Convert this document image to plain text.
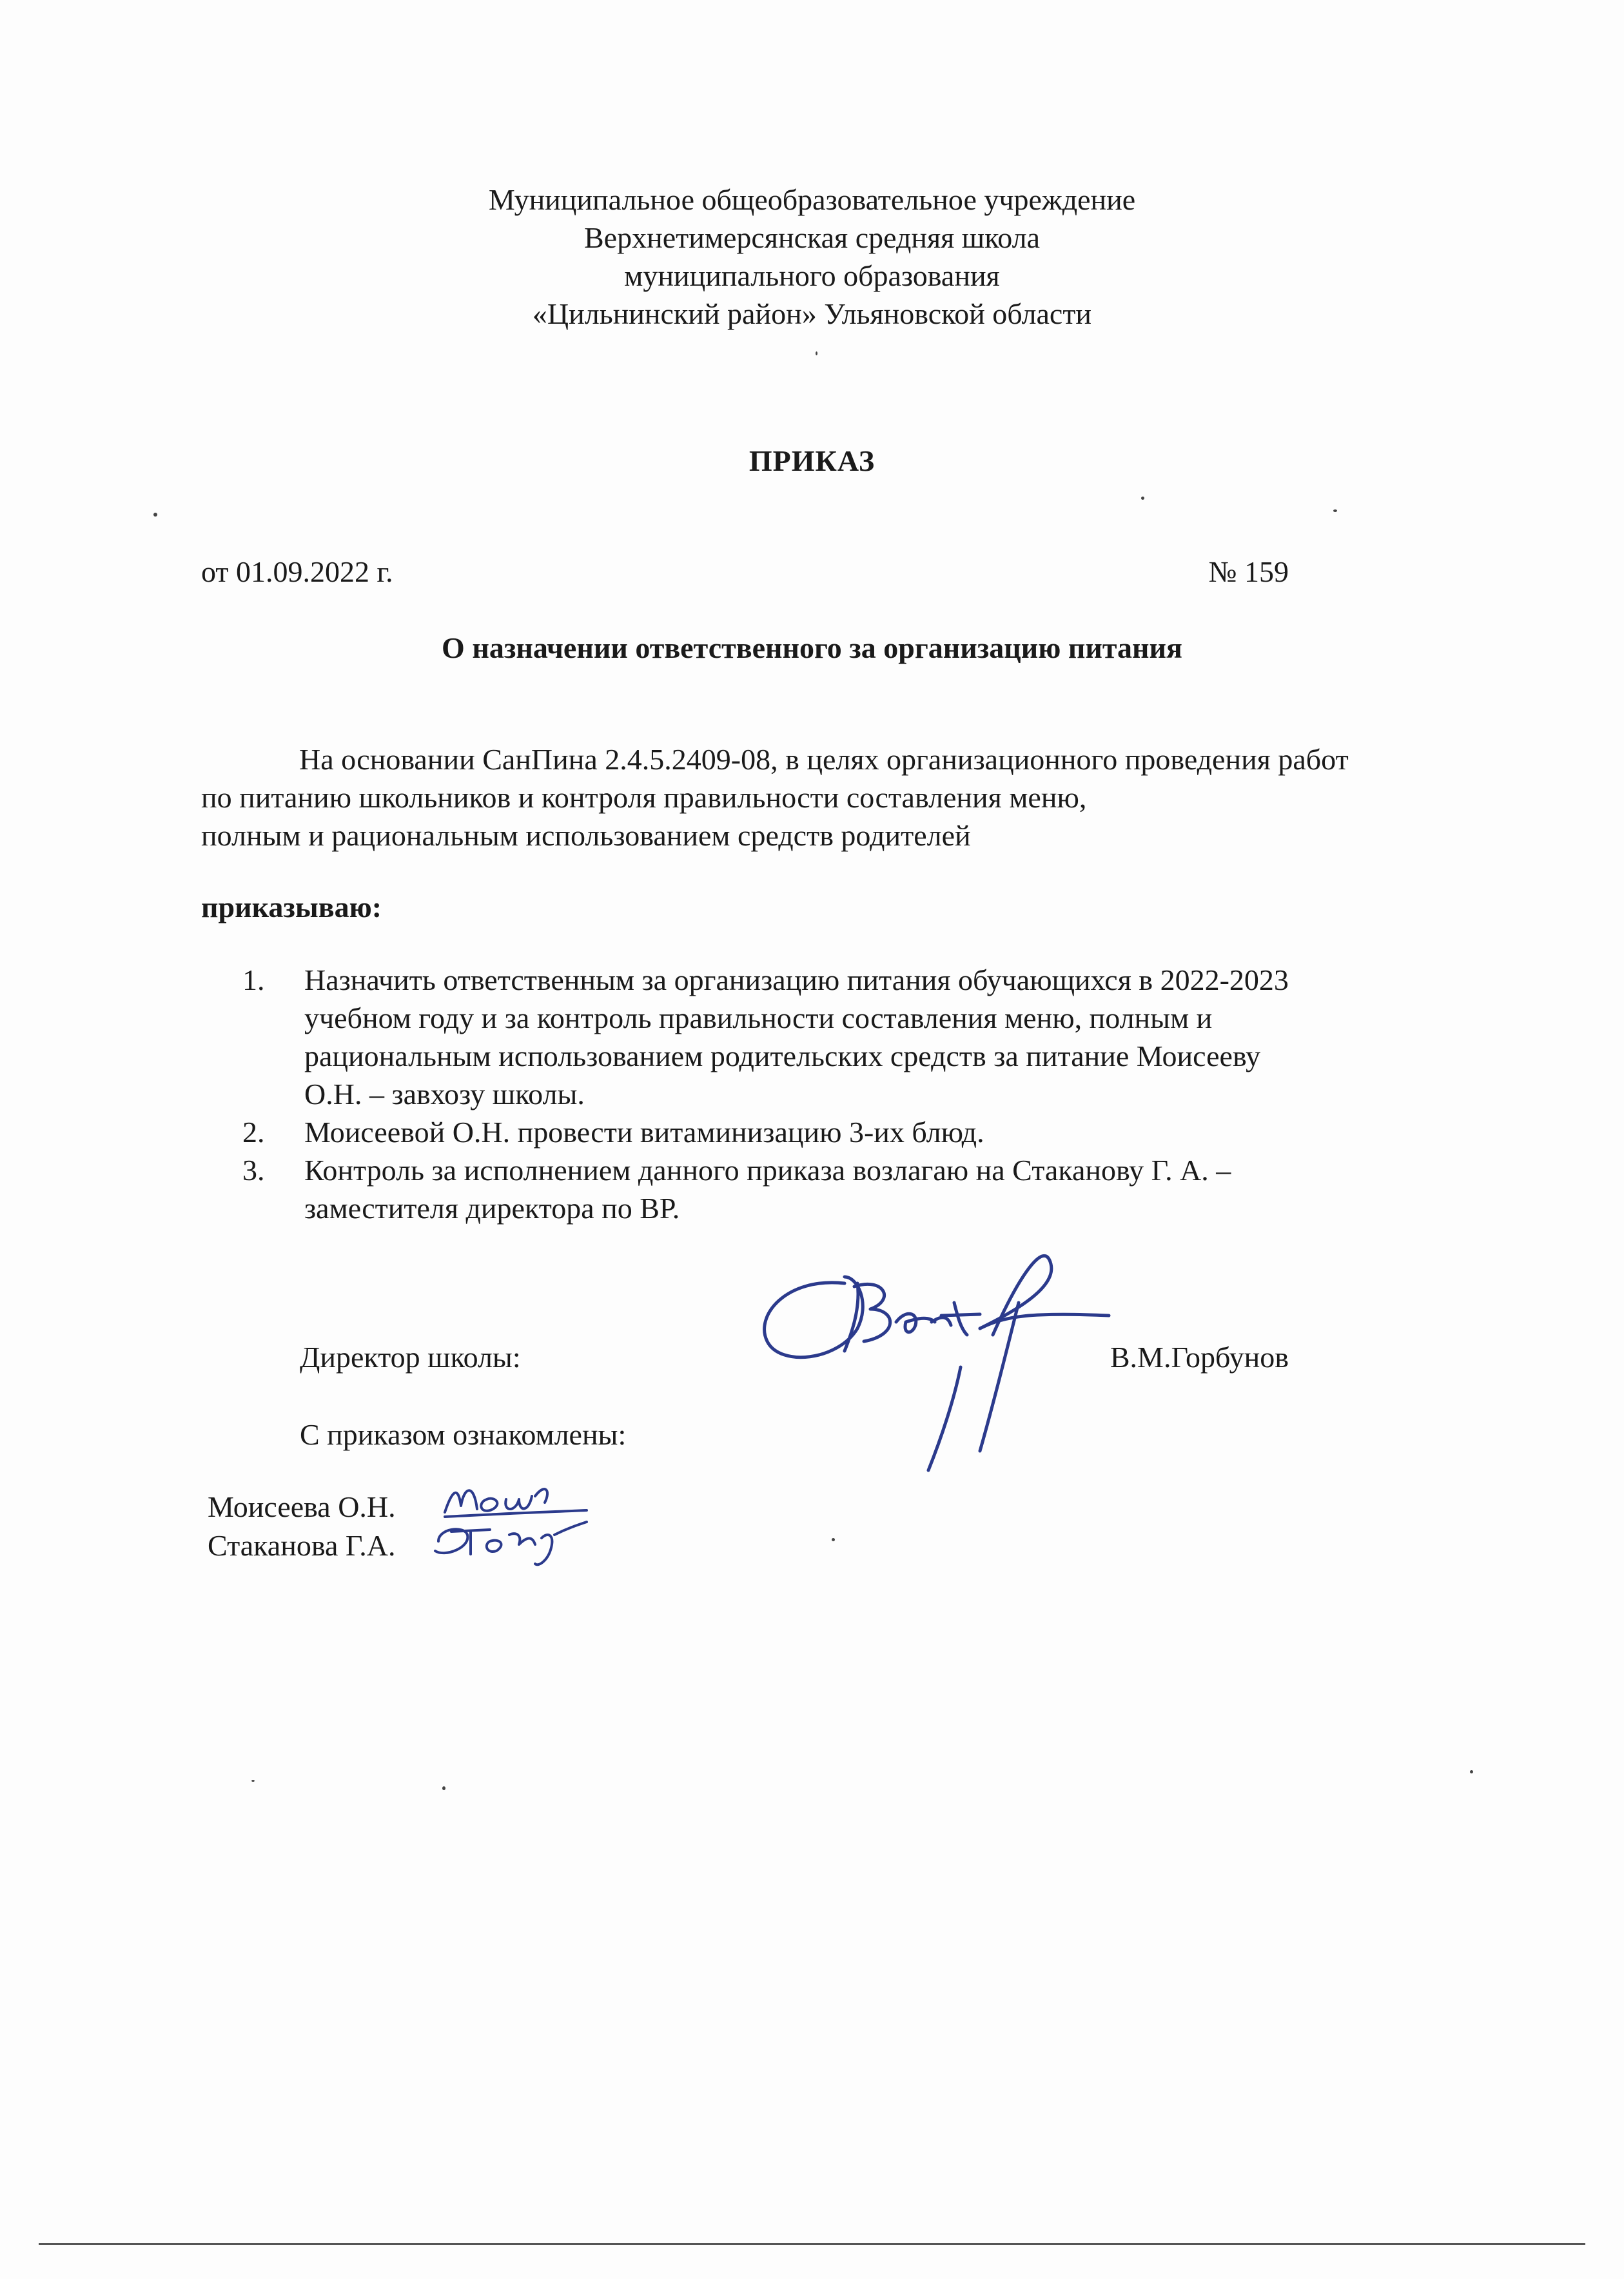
Муниципальное общеобразовательное учреждение
Верхнетимерсянская средняя школа
муниципального образования
«Цильнинский район» Ульяновской области
ПРИКАЗ
от 01.09.2022 г.	№ 159
О назначении ответственного за организацию питания
На основании СанПина 2.4.5.2409-08, в целях организационного проведения работ
по питанию школьников и контроля правильности составления меню,
полным и рациональным использованием средств родителей
приказываю:
1.	Назначить ответственным за организацию питания обучающихся в 2022-2023
учебном году и за контроль правильности составления меню, полным и
рациональным использованием родительских средств за питание Моисееву
О.Н. – завхозу школы.
2.	Моисеевой О.Н. провести витаминизацию 3-их блюд.
3.	Контроль за исполнением данного приказа возлагаю на Стаканову Г. А. –
заместителя директора по ВР.
Директор школы:	В.М.Горбунов
С приказом ознакомлены:
Моисеева О.Н.
Стаканова Г.А.
